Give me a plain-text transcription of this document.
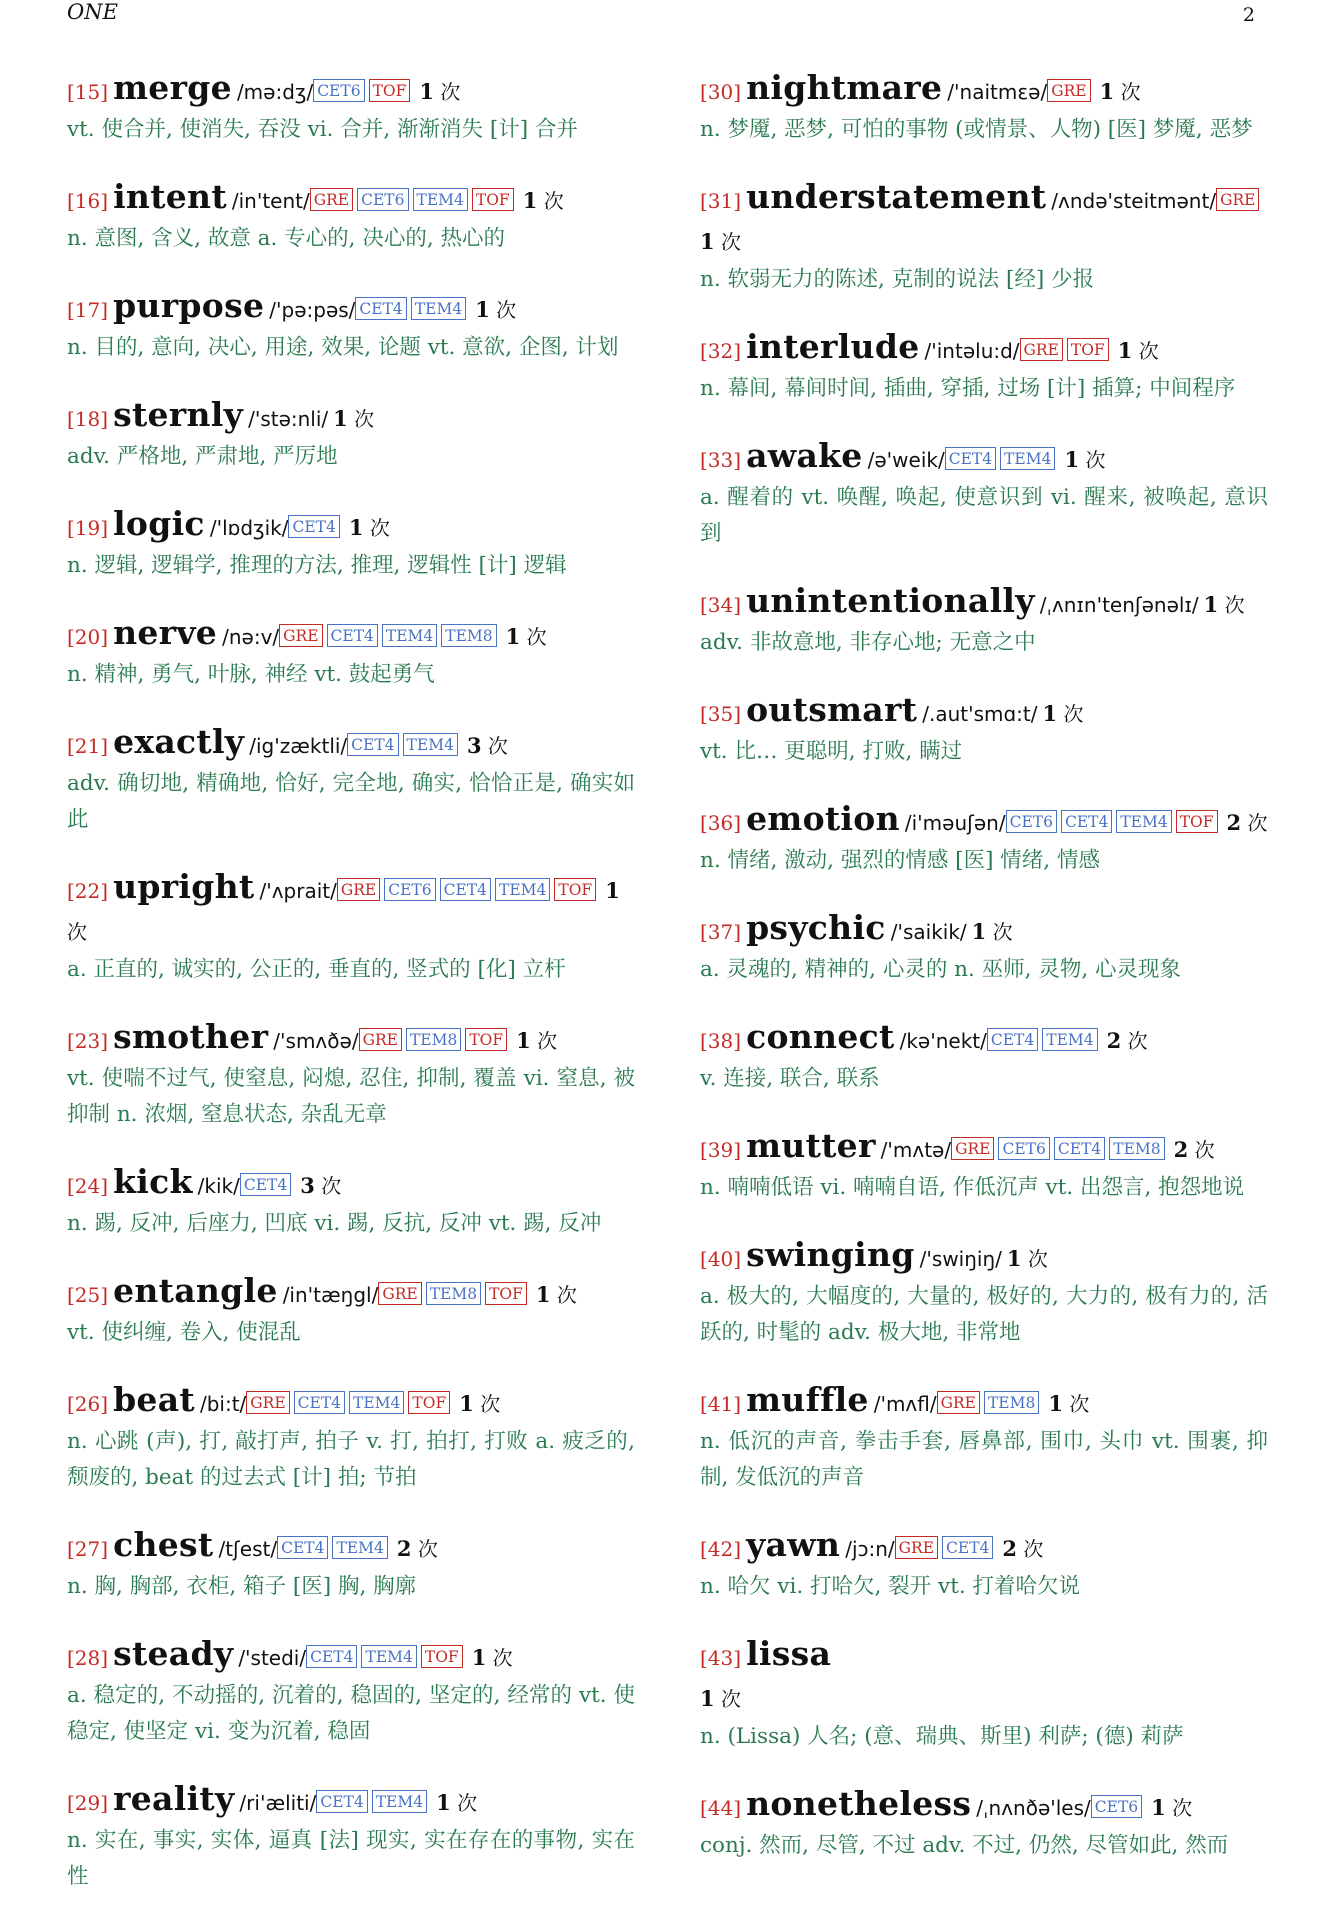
ONE	2
[15] merge /mə:dʒ/ CET6 TOF 1 次
vt. 使合并, 使消失, 吞没 vi. 合并, 渐渐消失 [计] 合并
[16] intent /in'tent/ GRE CET6 TEM4 TOF 1 次
n. 意图, 含义, 故意 a. 专心的, 决心的, 热心的
[17] purpose /'pə:pəs/ CET4 TEM4 1 次
n. 目的, 意向, 决心, 用途, 效果, 论题 vt. 意欲, 企图, 计划
[18] sternly /'stə:nli/ 1 次
adv. 严格地, 严肃地, 严厉地
[19] logic /'lɒdʒik/ CET4 1 次
n. 逻辑, 逻辑学, 推理的方法, 推理, 逻辑性 [计] 逻辑
[20] nerve /nə:v/ GRE CET4 TEM4 TEM8 1 次
n. 精神, 勇气, 叶脉, 神经 vt. 鼓起勇气
[21] exactly /ig'zæktli/ CET4 TEM4 3 次
adv. 确切地, 精确地, 恰好, 完全地, 确实, 恰恰正是, 确实如此
[22] upright /'ʌprait/ GRE CET6 CET4 TEM4 TOF 1 次
a. 正直的, 诚实的, 公正的, 垂直的, 竖式的 [化] 立杆
[23] smother /'smʌðə/ GRE TEM8 TOF 1 次
vt. 使喘不过气, 使窒息, 闷熄, 忍住, 抑制, 覆盖 vi. 窒息, 被抑制 n. 浓烟, 窒息状态, 杂乱无章
[24] kick /kik/ CET4 3 次
n. 踢, 反冲, 后座力, 凹底 vi. 踢, 反抗, 反冲 vt. 踢, 反冲
[25] entangle /in'tæŋgl/ GRE TEM8 TOF 1 次
vt. 使纠缠, 卷入, 使混乱
[26] beat /bi:t/ GRE CET4 TEM4 TOF 1 次
n. 心跳 (声), 打, 敲打声, 拍子 v. 打, 拍打, 打败 a. 疲乏的, 颓废的, beat 的过去式 [计] 拍; 节拍
[27] chest /tʃest/ CET4 TEM4 2 次
n. 胸, 胸部, 衣柜, 箱子 [医] 胸, 胸廓
[28] steady /'stedi/ CET4 TEM4 TOF 1 次
a. 稳定的, 不动摇的, 沉着的, 稳固的, 坚定的, 经常的 vt. 使稳定, 使坚定 vi. 变为沉着, 稳固
[29] reality /ri'æliti/ CET4 TEM4 1 次
n. 实在, 事实, 实体, 逼真 [法] 现实, 实在存在的事物, 实在性
[30] nightmare /'naitmεə/ GRE 1 次
n. 梦魇, 恶梦, 可怕的事物 (或情景、人物) [医] 梦魇, 恶梦
[31] understatement /ʌndə'steitmənt/ GRE 1 次
n. 软弱无力的陈述, 克制的说法 [经] 少报
[32] interlude /'intəlu:d/ GRE TOF 1 次
n. 幕间, 幕间时间, 插曲, 穿插, 过场 [计] 插算; 中间程序
[33] awake /ə'weik/ CET4 TEM4 1 次
a. 醒着的 vt. 唤醒, 唤起, 使意识到 vi. 醒来, 被唤起, 意识到
[34] unintentionally /ˌʌnɪn'tenʃənəlɪ/ 1 次
adv. 非故意地, 非存心地; 无意之中
[35] outsmart /.aut'smɑ:t/ 1 次
vt. 比… 更聪明, 打败, 瞒过
[36] emotion /i'məuʃən/ CET6 CET4 TEM4 TOF 2 次
n. 情绪, 激动, 强烈的情感 [医] 情绪, 情感
[37] psychic /'saikik/ 1 次
a. 灵魂的, 精神的, 心灵的 n. 巫师, 灵物, 心灵现象
[38] connect /kə'nekt/ CET4 TEM4 2 次
v. 连接, 联合, 联系
[39] mutter /'mʌtə/ GRE CET6 CET4 TEM8 2 次
n. 喃喃低语 vi. 喃喃自语, 作低沉声 vt. 出怨言, 抱怨地说
[40] swinging /'swiŋiŋ/ 1 次
a. 极大的, 大幅度的, 大量的, 极好的, 大力的, 极有力的, 活跃的, 时髦的 adv. 极大地, 非常地
[41] muffle /'mʌfl/ GRE TEM8 1 次
n. 低沉的声音, 拳击手套, 唇鼻部, 围巾, 头巾 vt. 围裹, 抑制, 发低沉的声音
[42] yawn /jɔ:n/ GRE CET4 2 次
n. 哈欠 vi. 打哈欠, 裂开 vt. 打着哈欠说
[43] lissa
1 次
n. (Lissa) 人名; (意、瑞典、斯里) 利萨; (德) 莉萨
[44] nonetheless /ˌnʌnðə'les/ CET6 1 次
conj. 然而, 尽管, 不过 adv. 不过, 仍然, 尽管如此, 然而
